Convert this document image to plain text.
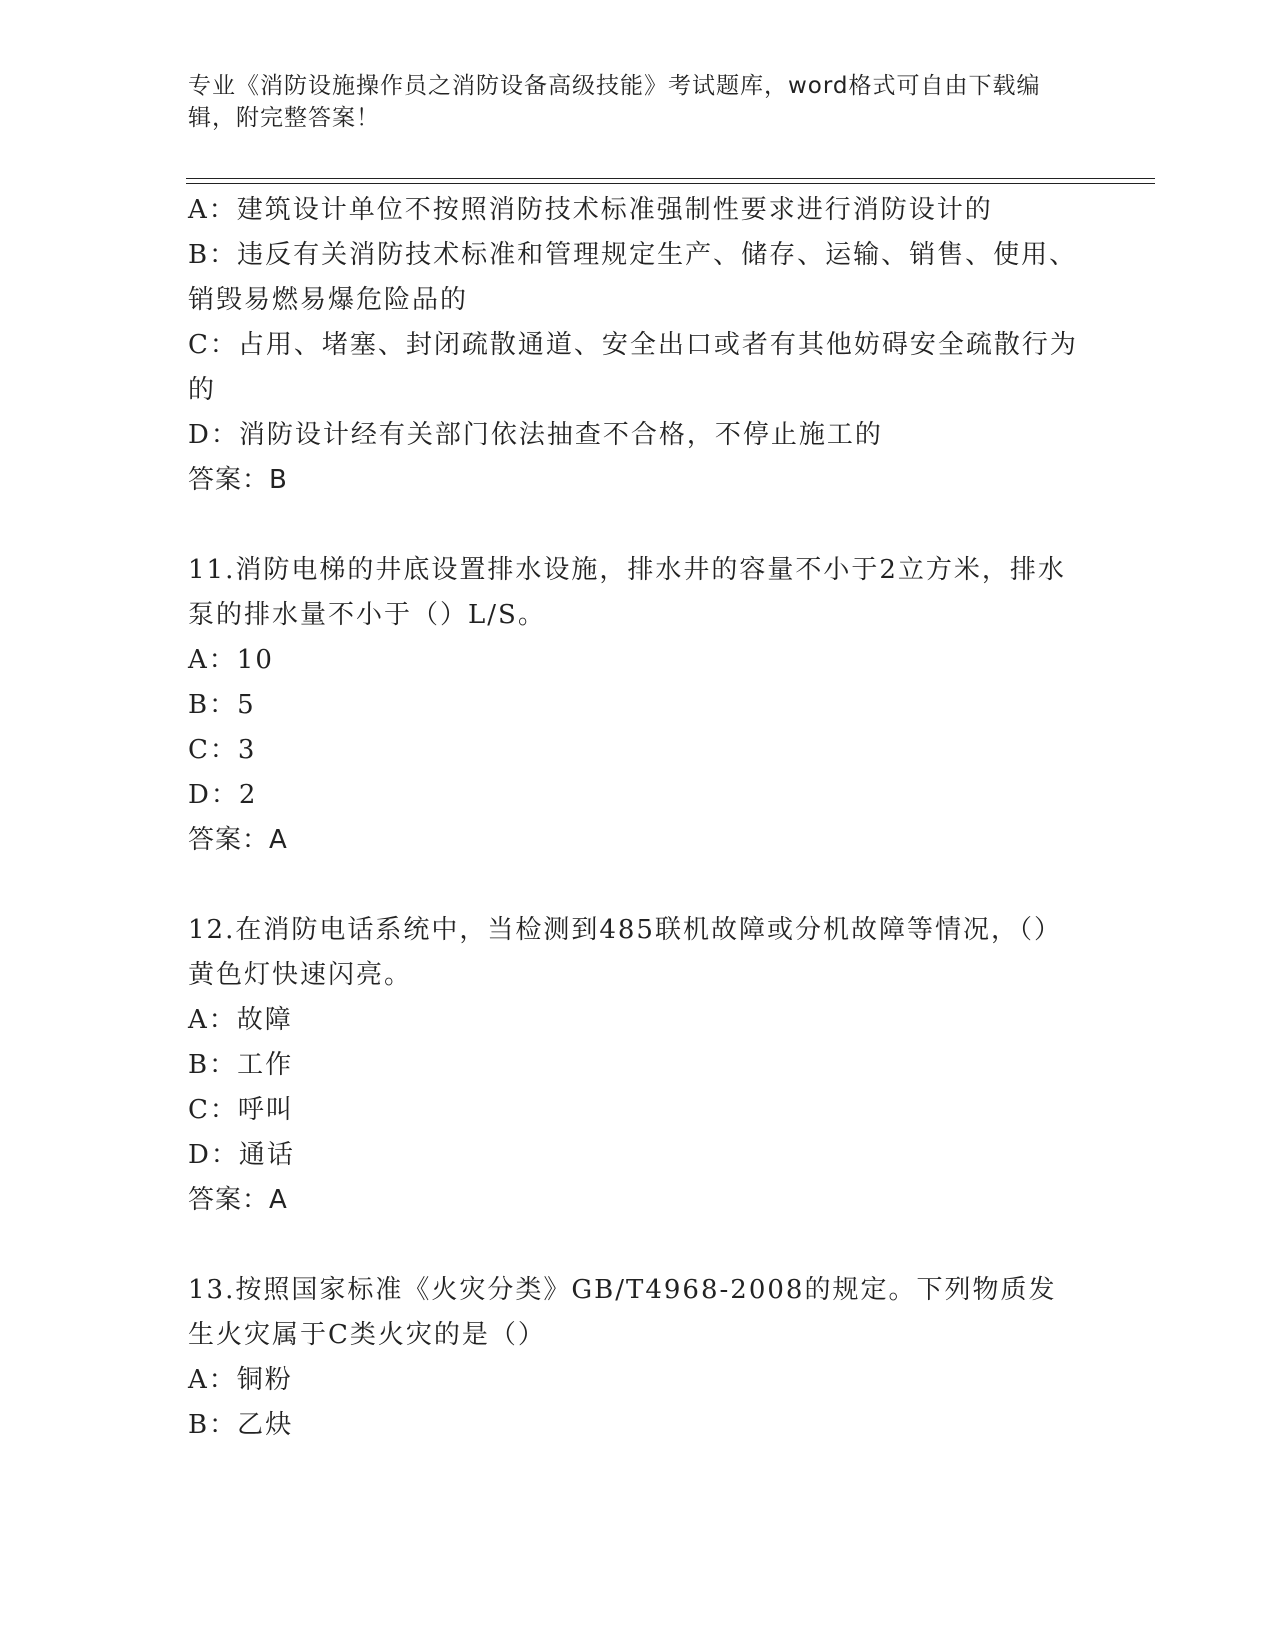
专业《消防设施操作员之消防设备高级技能》考试题库，word格式可自由下载编辑，附完整答案！

A：建筑设计单位不按照消防技术标准强制性要求进行消防设计的

B：违反有关消防技术标准和管理规定生产、储存、运输、销售、使用、销毁易燃易爆危险品的

C：占用、堵塞、封闭疏散通道、安全出口或者有其他妨碍安全疏散行为的

D：消防设计经有关部门依法抽查不合格，不停止施工的

答案：B

11.消防电梯的井底设置排水设施，排水井的容量不小于2立方米，排水泵的排水量不小于（）L/S。

A：10

B：5

C：3

D：2

答案：A

12.在消防电话系统中，当检测到485联机故障或分机故障等情况，（）黄色灯快速闪亮。

A：故障

B：工作

C：呼叫

D：通话

答案：A

13.按照国家标准《火灾分类》GB/T4968-2008的规定。下列物质发生火灾属于C类火灾的是（）

A：铜粉

B：乙炔
